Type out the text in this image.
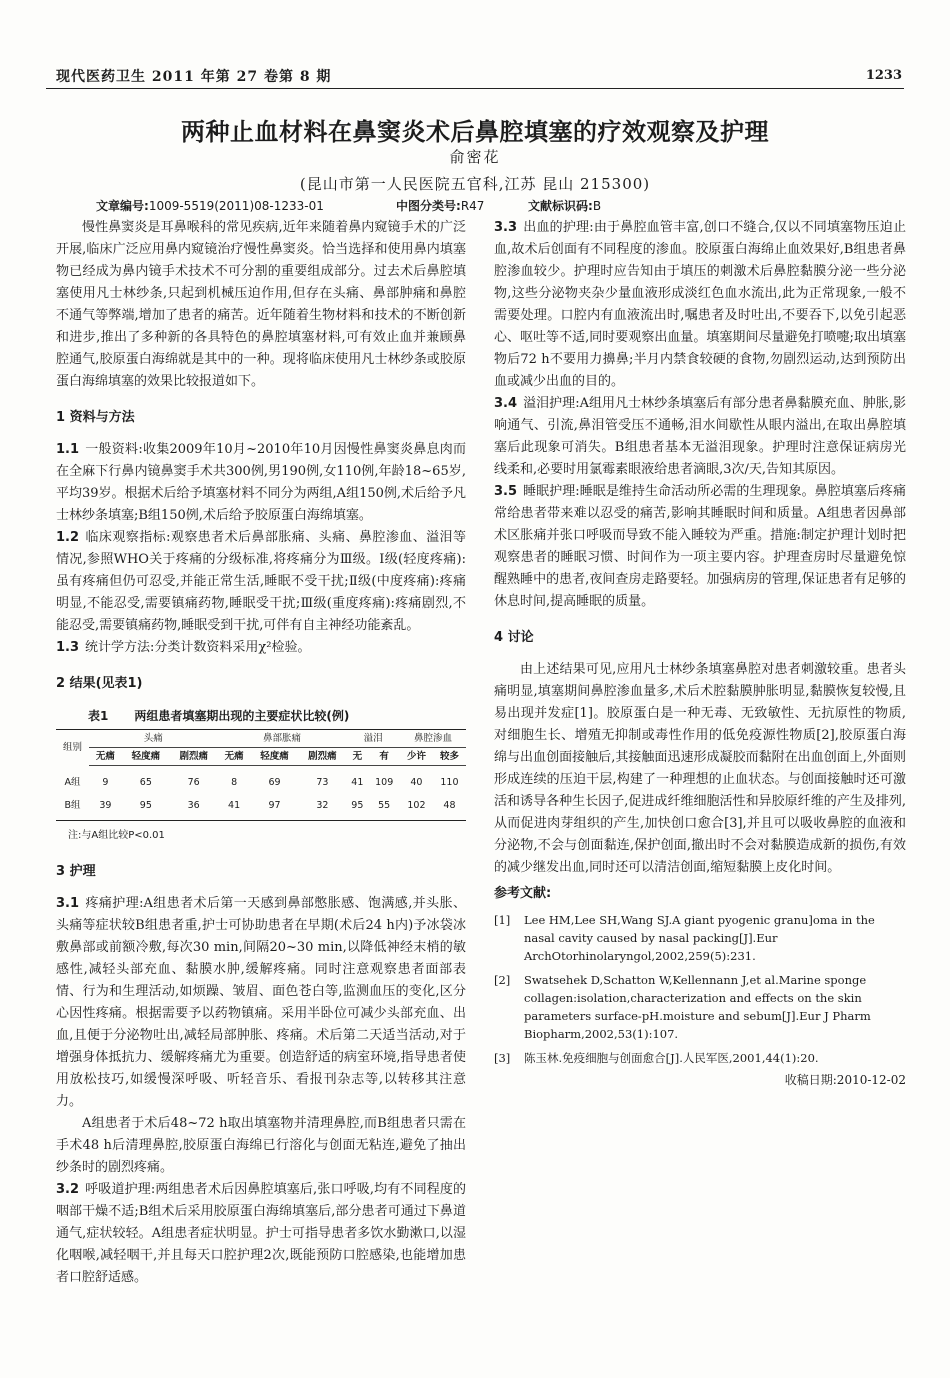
现代医药卫生 2011 年第 27 卷第 8 期	1233
两种止血材料在鼻窦炎术后鼻腔填塞的疗效观察及护理
俞密花
(昆山市第一人民医院五官科,江苏 昆山 215300)
文章编号:1009-5519(2011)08-1233-01	中图分类号:R47	文献标识码:B

慢性鼻窦炎是耳鼻喉科的常见疾病,近年来随着鼻内窥镜手术的广泛开展,临床广泛应用鼻内窥镜治疗慢性鼻窦炎。恰当选择和使用鼻内填塞物已经成为鼻内镜手术技术不可分割的重要组成部分。过去术后鼻腔填塞使用凡士林纱条,只起到机械压迫作用,但存在头痛、鼻部肿痛和鼻腔不通气等弊端,增加了患者的痛苦。近年随着生物材料和技术的不断创新和进步,推出了多种新的各具特色的鼻腔填塞材料,可有效止血并兼顾鼻腔通气,胶原蛋白海绵就是其中的一种。现将临床使用凡士林纱条或胶原蛋白海绵填塞的效果比较报道如下。

1 资料与方法

1.1 一般资料:收集2009年10月~2010年10月因慢性鼻窦炎鼻息肉而在全麻下行鼻内镜鼻窦手术共300例,男190例,女110例,年龄18~65岁,平均39岁。根据术后给予填塞材料不同分为两组,A组150例,术后给予凡士林纱条填塞;B组150例,术后给予胶原蛋白海绵填塞。

1.2 临床观察指标:观察患者术后鼻部胀痛、头痛、鼻腔渗血、溢泪等情况,参照WHO关于疼痛的分级标准,将疼痛分为Ⅲ级。Ⅰ级(轻度疼痛):虽有疼痛但仍可忍受,并能正常生活,睡眠不受干扰;Ⅱ级(中度疼痛):疼痛明显,不能忍受,需要镇痛药物,睡眠受干扰;Ⅲ级(重度疼痛):疼痛剧烈,不能忍受,需要镇痛药物,睡眠受到干扰,可伴有自主神经功能紊乱。

1.3 统计学方法:分类计数资料采用χ²检验。

2 结果(见表1)
表1 两组患者填塞期出现的主要症状比较(例)
组别	头痛			鼻部胀痛			溢泪		鼻腔渗血	
	无痛	轻度痛	剧烈痛	无痛	轻度痛	剧烈痛	无	有	少许	较多
A组	9	65	76	8	69	73	41	109	40	110
B组	39	95	36	41	97	32	95	55	102	48
注:与A组比较P<0.01
3 护理

3.1 疼痛护理:A组患者术后第一天感到鼻部憋胀感、饱满感,并头胀、头痛等症状较B组患者重,护士可协助患者在早期(术后24 h内)予冰袋冰敷鼻部或前额冷敷,每次30 min,间隔20~30 min,以降低神经末梢的敏感性,减轻头部充血、黏膜水肿,缓解疼痛。同时注意观察患者面部表情、行为和生理活动,如烦躁、皱眉、面色苍白等,监测血压的变化,区分心因性疼痛。根据需要予以药物镇痛。采用半卧位可减少头部充血、出血,且便于分泌物吐出,减轻局部肿胀、疼痛。术后第二天适当活动,对于增强身体抵抗力、缓解疼痛尤为重要。创造舒适的病室环境,指导患者使用放松技巧,如缓慢深呼吸、听轻音乐、看报刊杂志等,以转移其注意力。

A组患者于术后48~72 h取出填塞物并清理鼻腔,而B组患者只需在手术48 h后清理鼻腔,胶原蛋白海绵已行溶化与创面无粘连,避免了抽出纱条时的剧烈疼痛。

3.2 呼吸道护理:两组患者术后因鼻腔填塞后,张口呼吸,均有不同程度的咽部干燥不适;B组术后采用胶原蛋白海绵填塞后,部分患者可通过下鼻道通气,症状较轻。A组患者症状明显。护士可指导患者多饮水勤漱口,以湿化咽喉,减轻咽干,并且每天口腔护理2次,既能预防口腔感染,也能增加患者口腔舒适感。

3.3 出血的护理:由于鼻腔血管丰富,创口不缝合,仅以不同填塞物压迫止血,故术后创面有不同程度的渗血。胶原蛋白海绵止血效果好,B组患者鼻腔渗血较少。护理时应告知由于填压的刺激术后鼻腔黏膜分泌一些分泌物,这些分泌物夹杂少量血液形成淡红色血水流出,此为正常现象,一般不需要处理。口腔内有血液流出时,嘱患者及时吐出,不要吞下,以免引起恶心、呕吐等不适,同时要观察出血量。填塞期间尽量避免打喷嚏;取出填塞物后72 h不要用力擤鼻;半月内禁食较硬的食物,勿剧烈运动,达到预防出血或减少出血的目的。

3.4 溢泪护理:A组用凡士林纱条填塞后有部分患者鼻黏膜充血、肿胀,影响通气、引流,鼻泪管受压不通畅,泪水间歇性从眼内溢出,在取出鼻腔填塞后此现象可消失。B组患者基本无溢泪现象。护理时注意保证病房光线柔和,必要时用氯霉素眼液给患者滴眼,3次/天,告知其原因。

3.5 睡眠护理:睡眠是维持生命活动所必需的生理现象。鼻腔填塞后疼痛常给患者带来难以忍受的痛苦,影响其睡眠时间和质量。A组患者因鼻部术区胀痛并张口呼吸而导致不能入睡较为严重。措施:制定护理计划时把观察患者的睡眠习惯、时间作为一项主要内容。护理查房时尽量避免惊醒熟睡中的患者,夜间查房走路要轻。加强病房的管理,保证患者有足够的休息时间,提高睡眠的质量。

4 讨论

由上述结果可见,应用凡士林纱条填塞鼻腔对患者刺激较重。患者头痛明显,填塞期间鼻腔渗血量多,术后术腔黏膜肿胀明显,黏膜恢复较慢,且易出现并发症[1]。胶原蛋白是一种无毒、无致敏性、无抗原性的物质,对细胞生长、增殖无抑制或毒性作用的低免疫源性物质[2],胶原蛋白海绵与出血创面接触后,其接触面迅速形成凝胶而黏附在出血创面上,外面则形成连续的压迫干层,构建了一种理想的止血状态。与创面接触时还可激活和诱导各种生长因子,促进成纤维细胞活性和异胶原纤维的产生及排列,从而促进肉芽组织的产生,加快创口愈合[3],并且可以吸收鼻腔的血液和分泌物,不会与创面黏连,保护创面,撤出时不会对黏膜造成新的损伤,有效的减少继发出血,同时还可以清洁创面,缩短黏膜上皮化时间。

参考文献:
[1] Lee HM,Lee SH,Wang SJ.A giant pyogenic granu]oma in the nasal cavity caused by nasal packing[J].Eur ArchOtorhinolaryngol,2002,259(5):231.
[2] Swatsehek D,Schatton W,Kellennann J,et al.Marine sponge collagen:isolation,characterization and effects on the skin parameters surface-pH.moisture and sebum[J].Eur J Pharm Biopharm,2002,53(1):107.
[3] 陈玉林.免疫细胞与创面愈合[J].人民军医,2001,44(1):20.
收稿日期:2010-12-02
